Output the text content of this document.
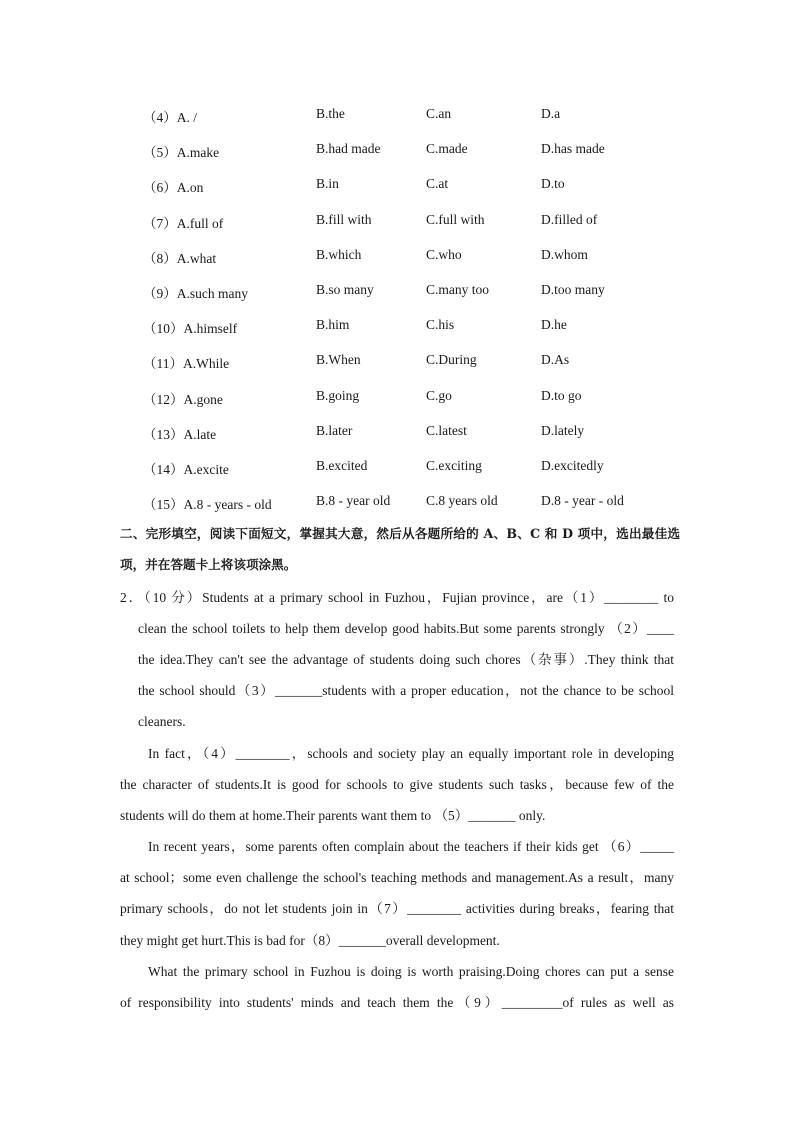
（4）A. /	B.the	C.an	D.a
（5）A.make	B.had made	C.made	D.has made
（6）A.on	B.in	C.at	D.to
（7）A.full of	B.fill with	C.full with	D.filled of
（8）A.what	B.which	C.who	D.whom
（9）A.such many	B.so many	C.many too	D.too many
（10）A.himself	B.him	C.his	D.he
（11）A.While	B.When	C.During	D.As
（12）A.gone	B.going	C.go	D.to go
（13）A.late	B.later	C.latest	D.lately
（14）A.excite	B.excited	C.exciting	D.excitedly
（15）A.8 - years - old	B.8 - year old	C.8 years old	D.8 - year - old
二、完形填空，阅读下面短文，掌握其大意，然后从各题所给的 A、B、C 和 D 项中，选出最佳选项，并在答题卡上将该项涂黑。
2．（10 分）Students at a primary school in Fuzhou，Fujian province，are（1）________ to
clean the school toilets to help them develop good habits.But some parents strongly （2）____
the idea.They can't see the advantage of students doing such chores（杂事）.They think that
the school should（3）_______students with a proper education，not the chance to be school
cleaners.
In fact，（4）________，schools and society play an equally important role in developing
the character of students.It is good for schools to give students such tasks，because few of the
students will do them at home.Their parents want them to （5）_______ only.
In recent years，some parents often complain about the teachers if their kids get （6）_____
at school；some even challenge the school's teaching methods and management.As a result，many
primary schools，do not let students join in（7）________ activities during breaks，fearing that
they might get hurt.This is bad for（8）_______overall development.
What the primary school in Fuzhou is doing is worth praising.Doing chores can put a sense
of responsibility into students' minds and teach them the（9）_________of rules as well as
